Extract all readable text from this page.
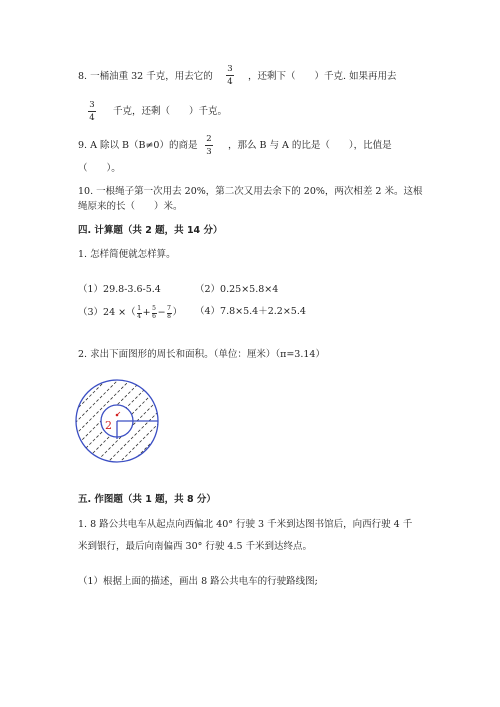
8. 一桶油重 32 千克，用去它的
3
4 ，还剩下（　　）千克. 如果再用去
3
4
千克，还剩（　　）千克。
9. A 除以 B（B≠0）的商是
2
3
，那么 B 与 A 的比是（　　），比值是
（　　）。
10. 一根绳子第一次用去 20%，第二次又用去余下的 20%，两次相差 2 米。这根
绳原来的长（　　）米。
四. 计算题（共 2 题，共 14 分）
1. 怎样简便就怎样算。
（1）29.8-3.6-5.4	（2）0.25×5.8×4
（3）24 ×（ $\frac{1}{4} + \frac{5}{6} - \frac{7}{8}$ ） （4）7.8×5.4＋2.2×5.4
2. 求出下面图形的周长和面积。（单位：厘米）（π=3.14）
2
五. 作图题（共 1 题，共 8 分）
1. 8 路公共电车从起点向西偏北 40° 行驶 3 千米到达图书馆后，向西行驶 4 千
米到银行，最后向南偏西 30° 行驶 4.5 千米到达终点。
（1）根据上面的描述，画出 8 路公共电车的行驶路线图;
